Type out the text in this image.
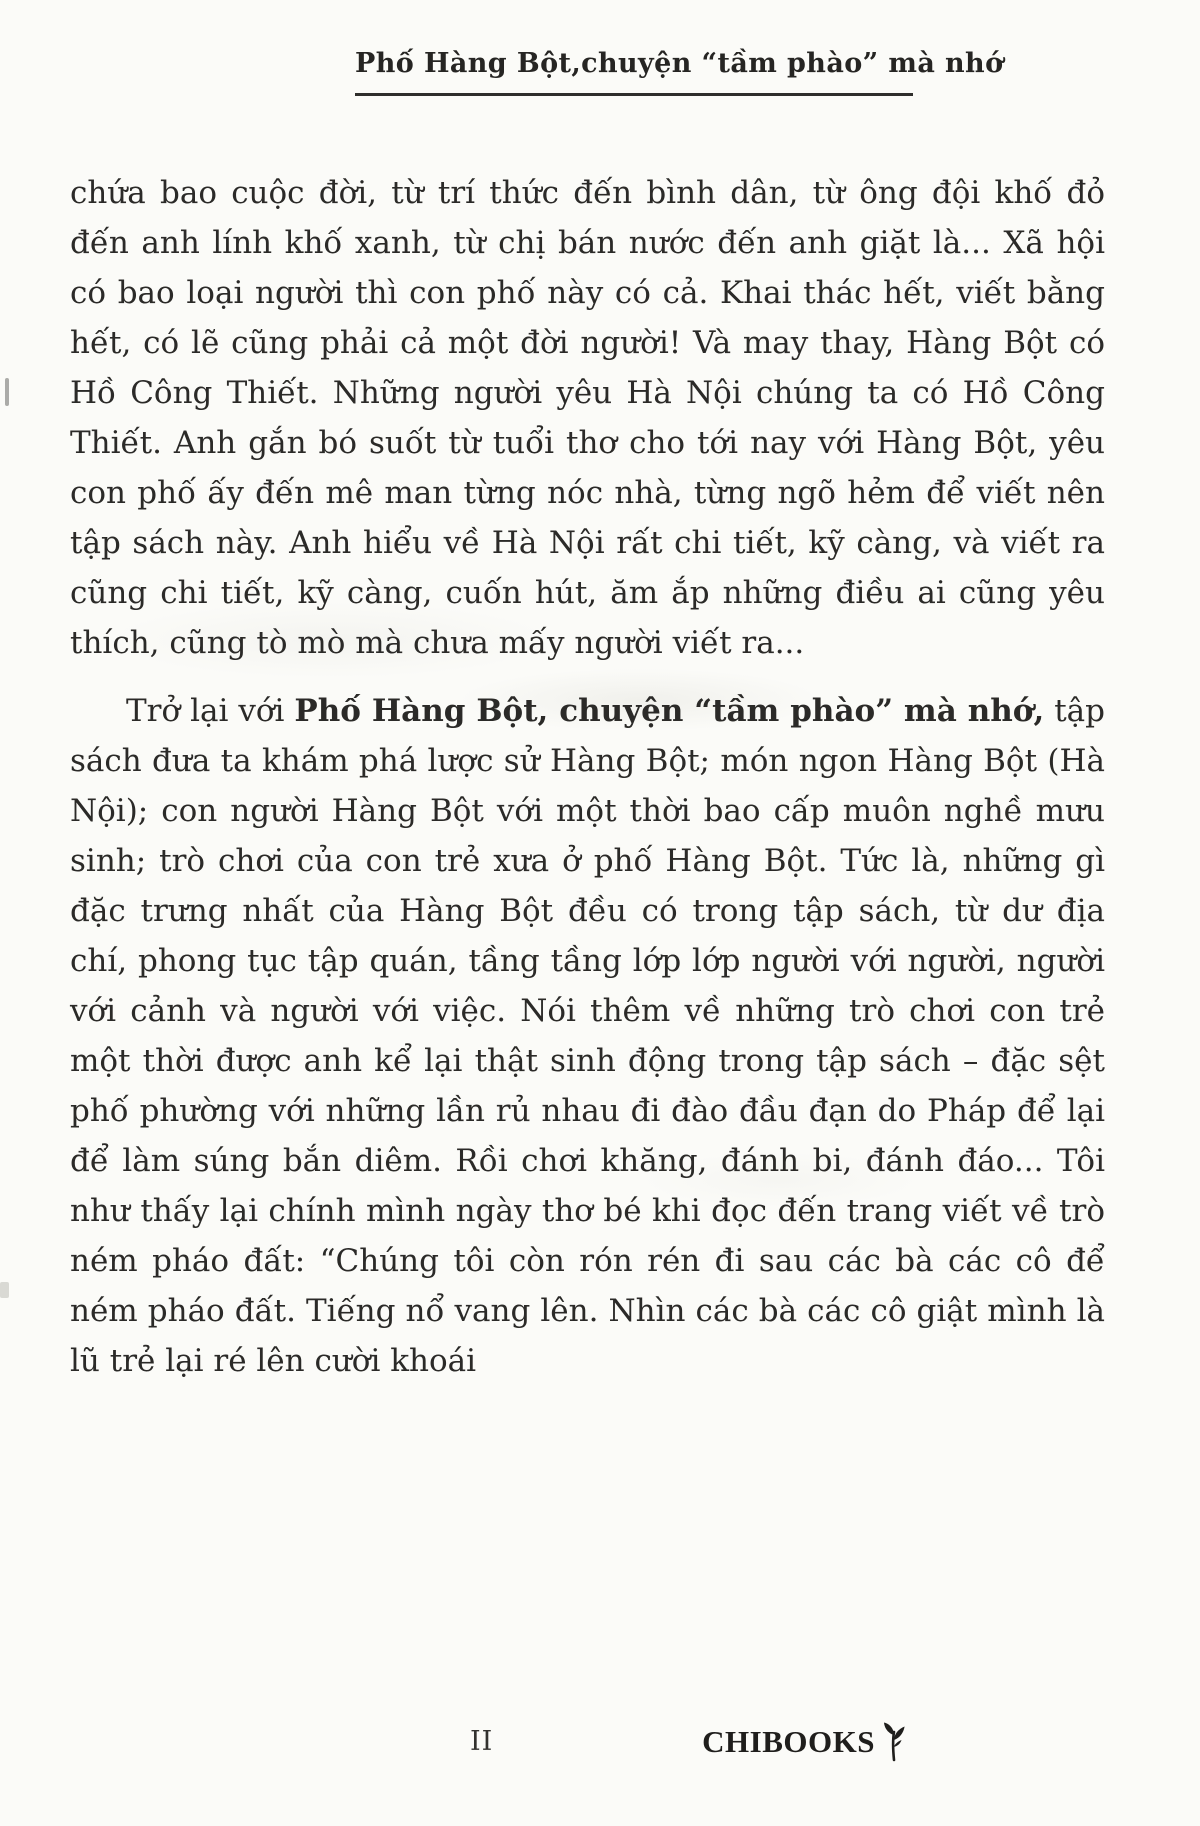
Phố Hàng Bột,chuyện “tầm phào” mà nhớ

chứa bao cuộc đời, từ trí thức đến bình dân, từ ông đội khố đỏ đến anh lính khố xanh, từ chị bán nước đến anh giặt là... Xã hội có bao loại người thì con phố này có cả. Khai thác hết, viết bằng hết, có lẽ cũng phải cả một đời người! Và may thay, Hàng Bột có Hồ Công Thiết. Những người yêu Hà Nội chúng ta có Hồ Công Thiết. Anh gắn bó suốt từ tuổi thơ cho tới nay với Hàng Bột, yêu con phố ấy đến mê man từng nóc nhà, từng ngõ hẻm để viết nên tập sách này. Anh hiểu về Hà Nội rất chi tiết, kỹ càng, và viết ra cũng chi tiết, kỹ càng, cuốn hút, ăm ắp những điều ai cũng yêu thích, cũng tò mò mà chưa mấy người viết ra...

Trở lại với Phố Hàng Bột, chuyện “tầm phào” mà nhớ, tập sách đưa ta khám phá lược sử Hàng Bột; món ngon Hàng Bột (Hà Nội); con người Hàng Bột với một thời bao cấp muôn nghề mưu sinh; trò chơi của con trẻ xưa ở phố Hàng Bột. Tức là, những gì đặc trưng nhất của Hàng Bột đều có trong tập sách, từ dư địa chí, phong tục tập quán, tầng tầng lớp lớp người với người, người với cảnh và người với việc. Nói thêm về những trò chơi con trẻ một thời được anh kể lại thật sinh động trong tập sách – đặc sệt phố phường với những lần rủ nhau đi đào đầu đạn do Pháp để lại để làm súng bắn diêm. Rồi chơi khăng, đánh bi, đánh đáo... Tôi như thấy lại chính mình ngày thơ bé khi đọc đến trang viết về trò ném pháo đất: “Chúng tôi còn rón rén đi sau các bà các cô để ném pháo đất. Tiếng nổ vang lên. Nhìn các bà các cô giật mình là lũ trẻ lại ré lên cười khoái

II	CHIBOOKS
